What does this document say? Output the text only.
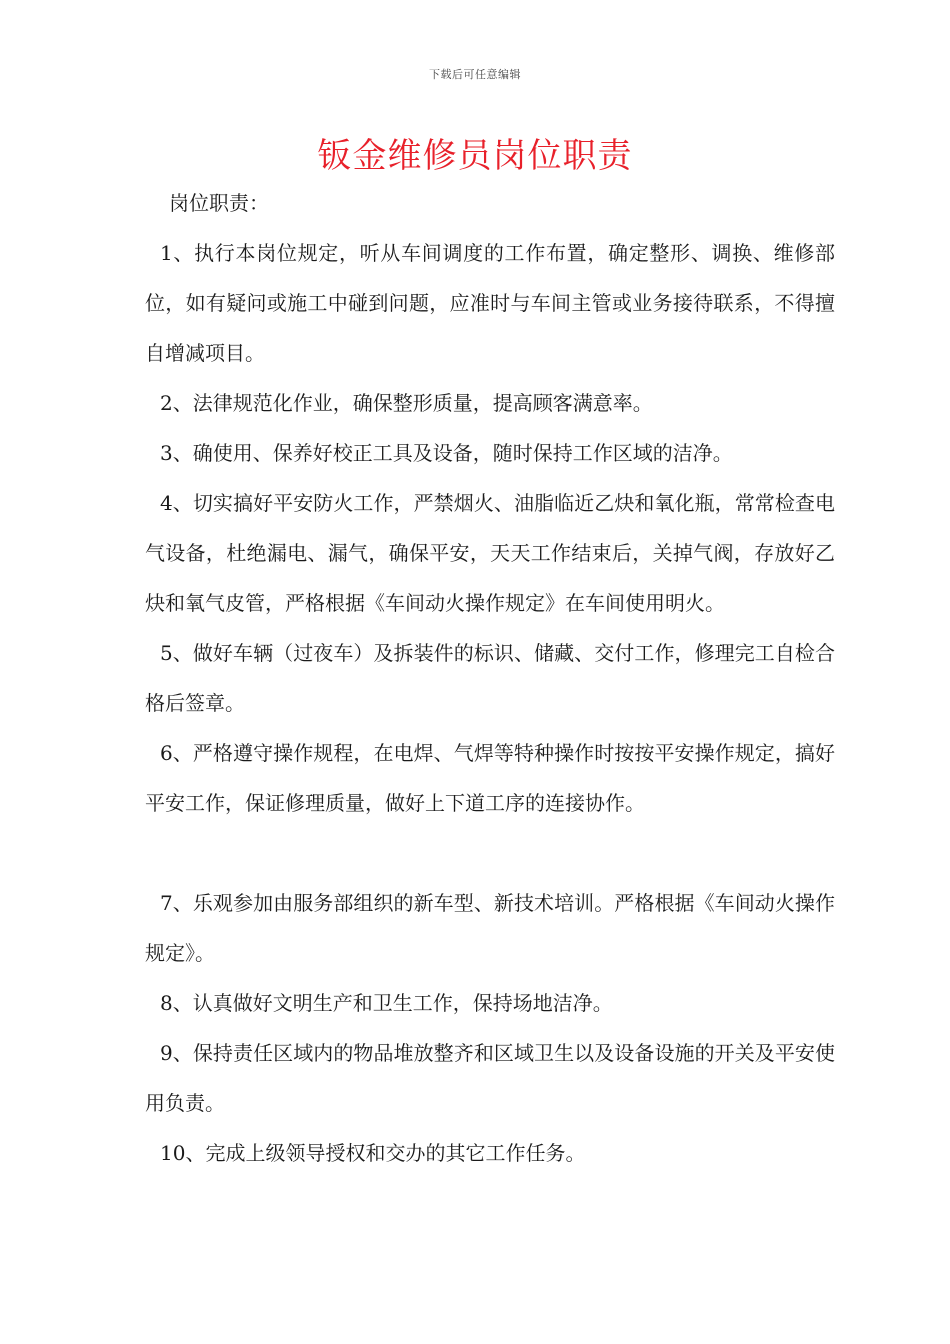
下载后可任意编辑
钣金维修员岗位职责
岗位职责：

1、执行本岗位规定，听从车间调度的工作布置，确定整形、调换、维修部位，如有疑问或施工中碰到问题，应准时与车间主管或业务接待联系，不得擅自增减项目。

2、法律规范化作业，确保整形质量，提高顾客满意率。

3、确使用、保养好校正工具及设备，随时保持工作区域的洁净。

4、切实搞好平安防火工作，严禁烟火、油脂临近乙炔和氧化瓶，常常检查电气设备，杜绝漏电、漏气，确保平安，天天工作结束后，关掉气阀，存放好乙炔和氧气皮管，严格根据《车间动火操作规定》在车间使用明火。

5、做好车辆（过夜车）及拆装件的标识、储藏、交付工作，修理完工自检合格后签章。

6、严格遵守操作规程，在电焊、气焊等特种操作时按按平安操作规定，搞好平安工作，保证修理质量，做好上下道工序的连接协作。

7、乐观参加由服务部组织的新车型、新技术培训。严格根据《车间动火操作规定》。

8、认真做好文明生产和卫生工作，保持场地洁净。

9、保持责任区域内的物品堆放整齐和区域卫生以及设备设施的开关及平安使用负责。

10、完成上级领导授权和交办的其它工作任务。
